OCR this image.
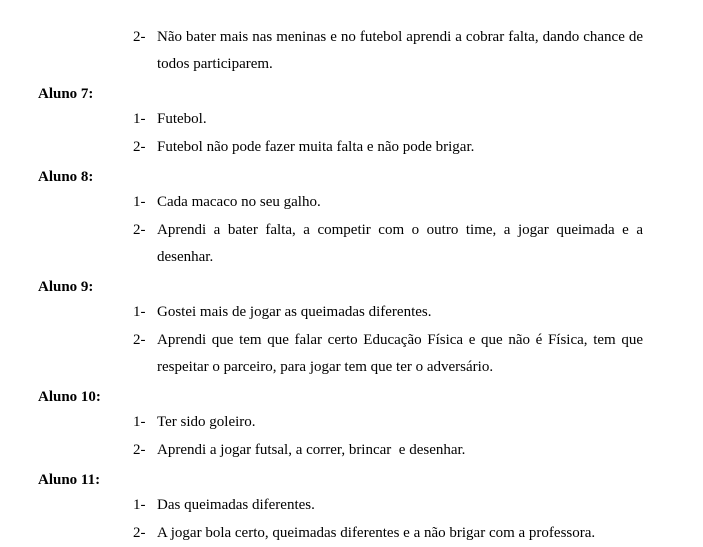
2- Não bater mais nas meninas e no futebol aprendi a cobrar falta, dando chance de todos participarem.
Aluno 7:
1- Futebol.
2- Futebol não pode fazer muita falta e não pode brigar.
Aluno 8:
1- Cada macaco no seu galho.
2- Aprendi a bater falta, a competir com o outro time, a jogar queimada e a desenhar.
Aluno 9:
1- Gostei mais de jogar as queimadas diferentes.
2- Aprendi que tem que falar certo Educação Física e que não é Física, tem que respeitar o parceiro, para jogar tem que ter o adversário.
Aluno 10:
1- Ter sido goleiro.
2- Aprendi a jogar futsal, a correr, brincar  e desenhar.
Aluno 11:
1- Das queimadas diferentes.
2- A jogar bola certo, queimadas diferentes e a não brigar com a professora.
